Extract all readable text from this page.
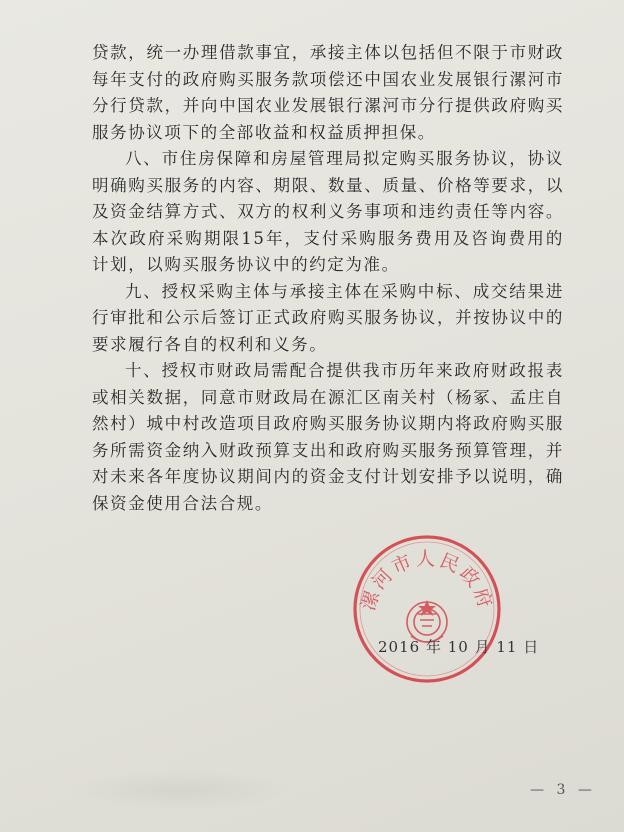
贷款，统一办理借款事宜，承接主体以包括但不限于市财政每年支付的政府购买服务款项偿还中国农业发展银行漯河市分行贷款，并向中国农业发展银行漯河市分行提供政府购买服务协议项下的全部收益和权益质押担保。

八、市住房保障和房屋管理局拟定购买服务协议，协议明确购买服务的内容、期限、数量、质量、价格等要求，以及资金结算方式、双方的权利义务事项和违约责任等内容。本次政府采购期限15年，支付采购服务费用及咨询费用的计划，以购买服务协议中的约定为准。

九、授权采购主体与承接主体在采购中标、成交结果进行审批和公示后签订正式政府购买服务协议，并按协议中的要求履行各自的权利和义务。

十、授权市财政局需配合提供我市历年来政府财政报表或相关数据，同意市财政局在源汇区南关村（杨冢、孟庄自然村）城中村改造项目政府购买服务协议期内将政府购买服务所需资金纳入财政预算支出和政府购买服务预算管理，并对未来各年度协议期间内的资金支付计划安排予以说明，确保资金使用合法合规。

漯河市人民政府
2016 年 10 月 11 日
— 3 —
